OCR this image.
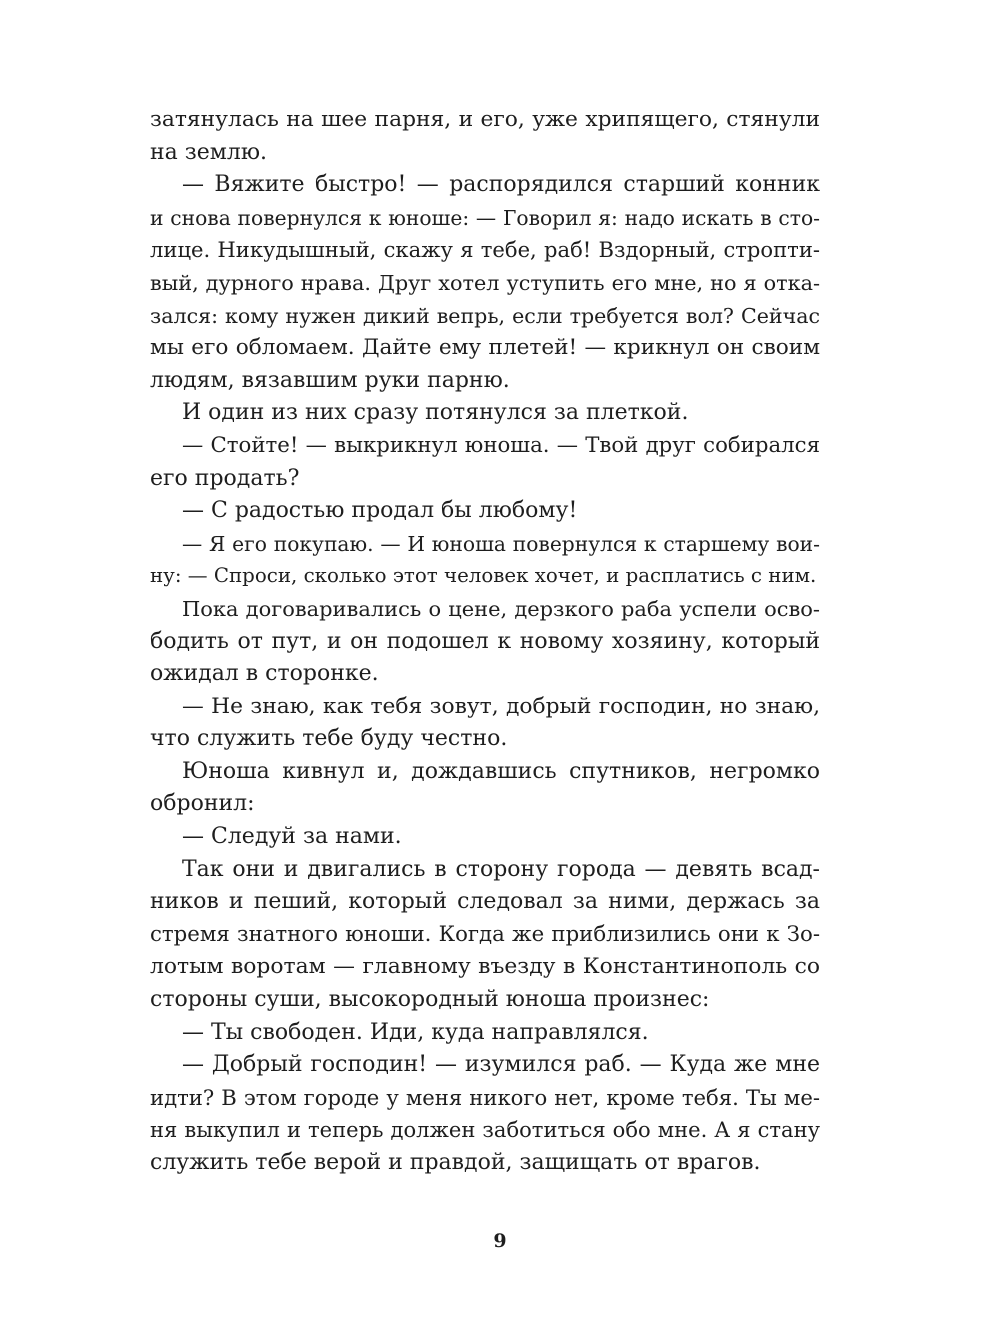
затянулась на шее парня, и его, уже хрипящего, стянули
на землю.
— Вяжите быстро! — распорядился старший конник
и снова повернулся к юноше: — Говорил я: надо искать в сто-
лице. Никудышный, скажу я тебе, раб! Вздорный, стропти-
вый, дурного нрава. Друг хотел уступить его мне, но я отка-
зался: кому нужен дикий вепрь, если требуется вол? Сейчас
мы его обломаем. Дайте ему плетей! — крикнул он своим
людям, вязавшим руки парню.
И один из них сразу потянулся за плеткой.
— Стойте! — выкрикнул юноша. — Твой друг собирался
его продать?
— С радостью продал бы любому!
— Я его покупаю. — И юноша повернулся к старшему вои-
ну: — Спроси, сколько этот человек хочет, и расплатись с ним.
Пока договаривались о цене, дерзкого раба успели осво-
бодить от пут, и он подошел к новому хозяину, который
ожидал в сторонке.
— Не знаю, как тебя зовут, добрый господин, но знаю,
что служить тебе буду честно.
Юноша кивнул и, дождавшись спутников, негромко
обронил:
— Следуй за нами.
Так они и двигались в сторону города — девять всад-
ников и пеший, который следовал за ними, держась за
стремя знатного юноши. Когда же приблизились они к Зо-
лотым воротам — главному въезду в Константинополь со
стороны суши, высокородный юноша произнес:
— Ты свободен. Иди, куда направлялся.
— Добрый господин! — изумился раб. — Куда же мне
идти? В этом городе у меня никого нет, кроме тебя. Ты ме-
ня выкупил и теперь должен заботиться обо мне. А я стану
служить тебе верой и правдой, защищать от врагов.
9
